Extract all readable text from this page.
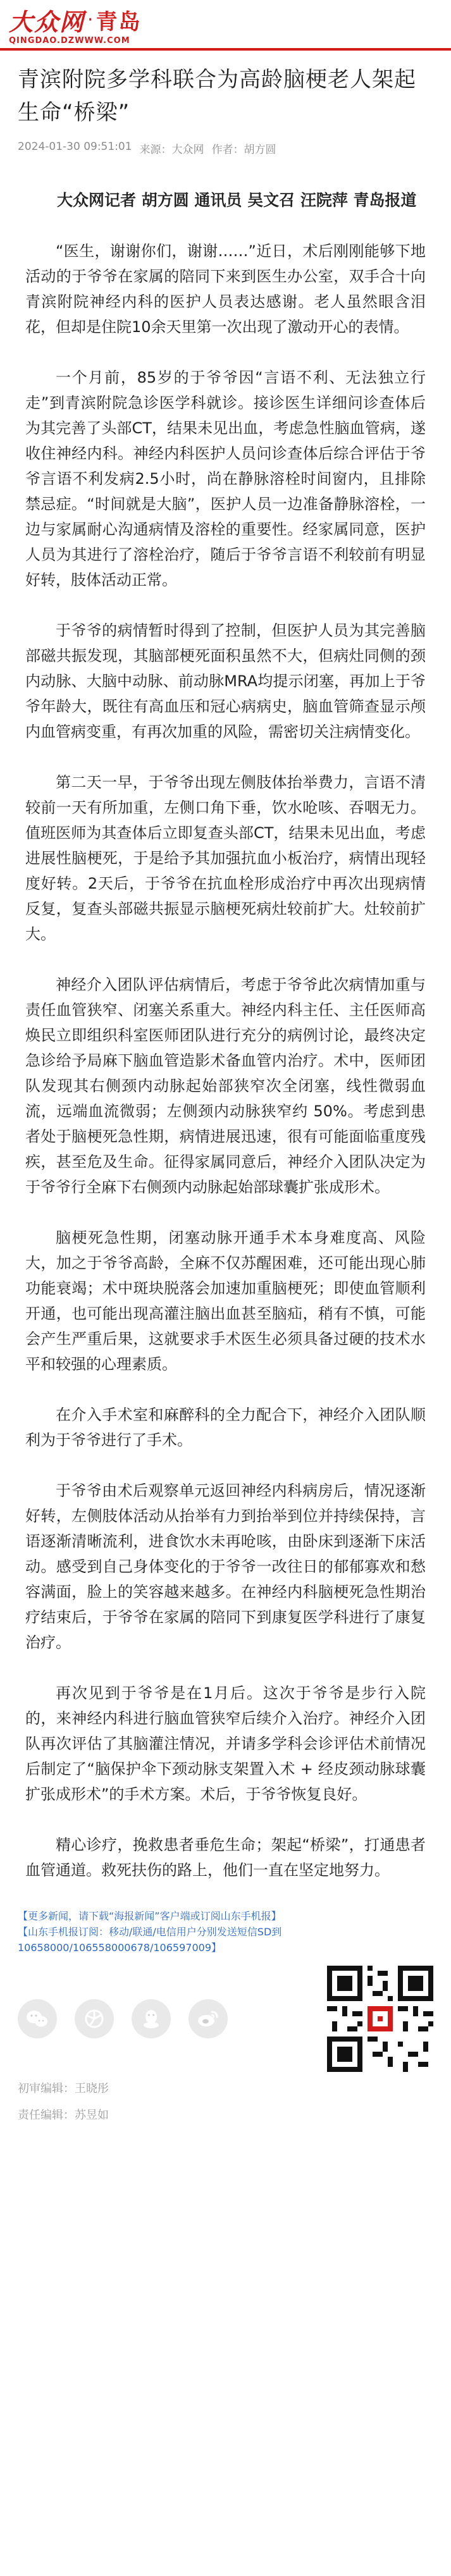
大众网 · 青岛
QINGDAO.DZWWW.COM
青滨附院多学科联合为高龄脑梗老人架起生命“桥梁”
2024-01-30 09:51:01 来源：大众网 作者：胡方圆

大众网记者 胡方圆 通讯员 吴文召 汪院萍 青岛报道

“医生，谢谢你们，谢谢……”近日，术后刚刚能够下地活动的于爷爷在家属的陪同下来到医生办公室，双手合十向青滨附院神经内科的医护人员表达感谢。老人虽然眼含泪花，但却是住院10余天里第一次出现了激动开心的表情。

一个月前，85岁的于爷爷因“言语不利、无法独立行走”到青滨附院急诊医学科就诊。接诊医生详细问诊查体后为其完善了头部CT，结果未见出血，考虑急性脑血管病，遂收住神经内科。神经内科医护人员问诊查体后综合评估于爷爷言语不利发病2.5小时，尚在静脉溶栓时间窗内，且排除禁忌症。“时间就是大脑”，医护人员一边准备静脉溶栓，一边与家属耐心沟通病情及溶栓的重要性。经家属同意，医护人员为其进行了溶栓治疗，随后于爷爷言语不利较前有明显好转，肢体活动正常。

于爷爷的病情暂时得到了控制，但医护人员为其完善脑部磁共振发现，其脑部梗死面积虽然不大，但病灶同侧的颈内动脉、大脑中动脉、前动脉MRA均提示闭塞，再加上于爷爷年龄大，既往有高血压和冠心病病史，脑血管筛查显示颅内血管病变重，有再次加重的风险，需密切关注病情变化。

第二天一早，于爷爷出现左侧肢体抬举费力，言语不清较前一天有所加重，左侧口角下垂，饮水呛咳、吞咽无力。值班医师为其查体后立即复查头部CT，结果未见出血，考虑进展性脑梗死，于是给予其加强抗血小板治疗，病情出现轻度好转。2天后，于爷爷在抗血栓形成治疗中再次出现病情反复，复查头部磁共振显示脑梗死病灶较前扩大。灶较前扩大。

神经介入团队评估病情后，考虑于爷爷此次病情加重与责任血管狭窄、闭塞关系重大。神经内科主任、主任医师高焕民立即组织科室医师团队进行充分的病例讨论，最终决定急诊给予局麻下脑血管造影术备血管内治疗。术中，医师团队发现其右侧颈内动脉起始部狭窄次全闭塞，线性微弱血流，远端血流微弱；左侧颈内动脉狭窄约 50%。考虑到患者处于脑梗死急性期，病情进展迅速，很有可能面临重度残疾，甚至危及生命。征得家属同意后，神经介入团队决定为于爷爷行全麻下右侧颈内动脉起始部球囊扩张成形术。

脑梗死急性期，闭塞动脉开通手术本身难度高、风险大，加之于爷爷高龄，全麻不仅苏醒困难，还可能出现心肺功能衰竭；术中斑块脱落会加速加重脑梗死；即使血管顺利开通，也可能出现高灌注脑出血甚至脑疝，稍有不慎，可能会产生严重后果，这就要求手术医生必须具备过硬的技术水平和较强的心理素质。

在介入手术室和麻醉科的全力配合下，神经介入团队顺利为于爷爷进行了手术。

于爷爷由术后观察单元返回神经内科病房后，情况逐渐好转，左侧肢体活动从抬举有力到抬举到位并持续保持，言语逐渐清晰流利，进食饮水未再呛咳，由卧床到逐渐下床活动。感受到自己身体变化的于爷爷一改往日的郁郁寡欢和愁容满面，脸上的笑容越来越多。在神经内科脑梗死急性期治疗结束后，于爷爷在家属的陪同下到康复医学科进行了康复治疗。

再次见到于爷爷是在1月后。这次于爷爷是步行入院的，来神经内科进行脑血管狭窄后续介入治疗。神经介入团队再次评估了其脑灌注情况，并请多学科会诊评估术前情况后制定了“脑保护伞下颈动脉支架置入术 + 经皮颈动脉球囊扩张成形术”的手术方案。术后，于爷爷恢复良好。

精心诊疗，挽救患者垂危生命；架起“桥梁”，打通患者血管通道。救死扶伤的路上，他们一直在坚定地努力。

【更多新闻，请下载“海报新闻”客户端或订阅山东手机报】
【山东手机报订阅：移动/联通/电信用户分别发送短信SD到10658000/106558000678/106597009】
初审编辑：王晓彤
责任编辑：苏昱如
